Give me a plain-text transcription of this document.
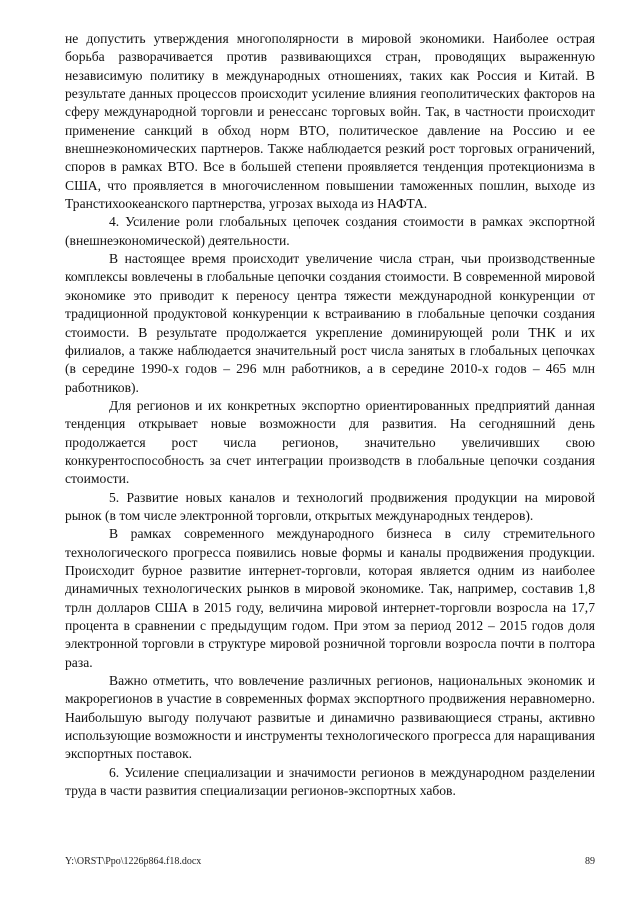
не допустить утверждения многополярности в мировой экономики. Наиболее острая борьба разворачивается против развивающихся стран, проводящих выраженную независимую политику в международных отношениях, таких как Россия и Китай. В результате данных процессов происходит усиление влияния геополитических факторов на сферу международной торговли и ренессанс торговых войн. Так, в частности происходит применение санкций в обход норм ВТО, политическое давление на Россию и ее внешнеэкономических партнеров. Также наблюдается резкий рост торговых ограничений, споров в рамках ВТО. Все в большей степени проявляется тенденция протекционизма в США, что проявляется в многочисленном повышении таможенных пошлин, выходе из Транстихоокеанского партнерства, угрозах выхода из НАФТА.

4. Усиление роли глобальных цепочек создания стоимости в рамках экспортной (внешнеэкономической) деятельности.

В настоящее время происходит увеличение числа стран, чьи производственные комплексы вовлечены в глобальные цепочки создания стоимости. В современной мировой экономике это приводит к переносу центра тяжести международной конкуренции от традиционной продуктовой конкуренции к встраиванию в глобальные цепочки создания стоимости. В результате продолжается укрепление доминирующей роли ТНК и их филиалов, а также наблюдается значительный рост числа занятых в глобальных цепочках (в середине 1990-х годов – 296 млн работников, а в середине 2010-х годов – 465 млн работников).

Для регионов и их конкретных экспортно ориентированных предприятий данная тенденция открывает новые возможности для развития. На сегодняшний день продолжается рост числа регионов, значительно увеличивших свою конкурентоспособность за счет интеграции производств в глобальные цепочки создания стоимости.

5. Развитие новых каналов и технологий продвижения продукции на мировой рынок (в том числе электронной торговли, открытых международных тендеров).

В рамках современного международного бизнеса в силу стремительного технологического прогресса появились новые формы и каналы продвижения продукции. Происходит бурное развитие интернет-торговли, которая является одним из наиболее динамичных технологических рынков в мировой экономике. Так, например, составив 1,8 трлн долларов США в 2015 году, величина мировой интернет-торговли возросла на 17,7 процента в сравнении с предыдущим годом. При этом за период 2012 – 2015 годов доля электронной торговли в структуре мировой розничной торговли возросла почти в полтора раза.

Важно отметить, что вовлечение различных регионов, национальных экономик и макрорегионов в участие в современных формах экспортного продвижения неравномерно. Наибольшую выгоду получают развитые и динамично развивающиеся страны, активно использующие возможности и инструменты технологического прогресса для наращивания экспортных поставок.

6. Усиление специализации и значимости регионов в международном разделении труда в части развития специализации регионов-экспортных хабов.

Y:\ORST\Ppo\1226p864.f18.docx	89
